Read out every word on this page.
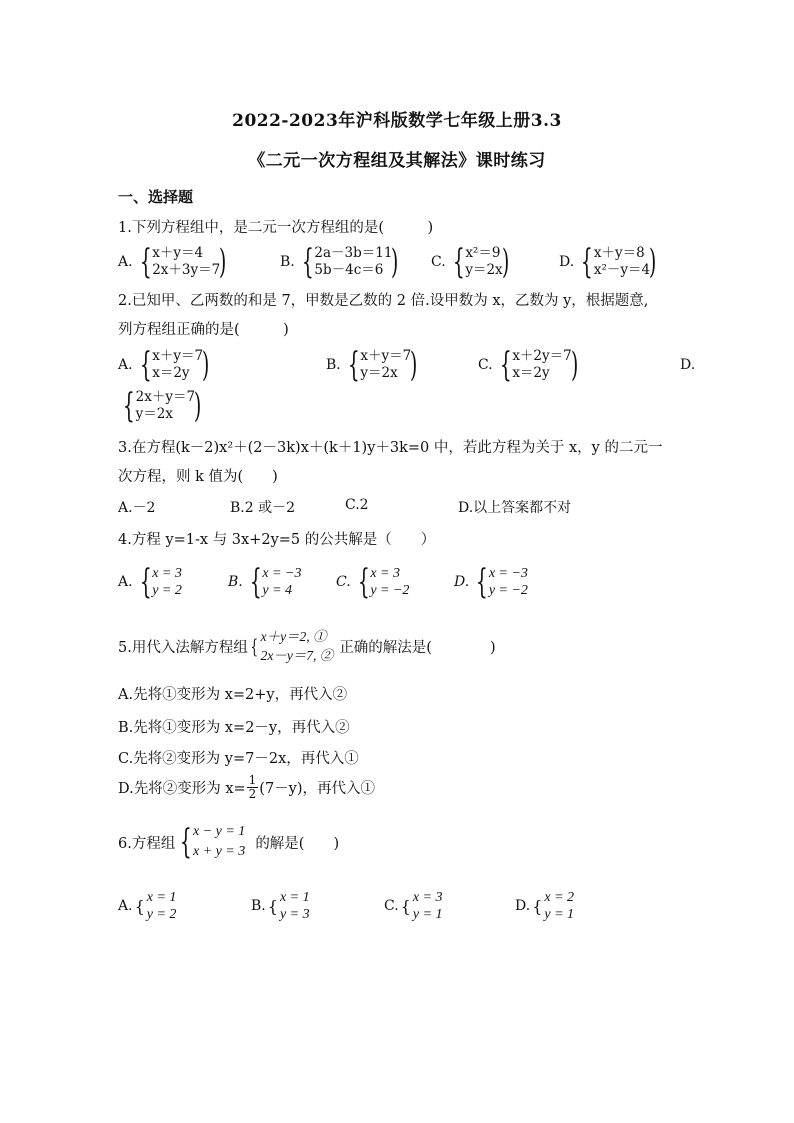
2022-2023年沪科版数学七年级上册3.3
《二元一次方程组及其解法》课时练习
一、选择题
1.下列方程组中，是二元一次方程组的是(　　　)
A. { x＋y＝4
2x＋3y＝7
)	B. { 2a－3b＝11
5b－4c＝6 ) C. { x²＝9
y＝2x
)	D. { x＋y＝8
x²－y＝4
)
2.已知甲、乙两数的和是 7，甲数是乙数的 2 倍.设甲数为 x，乙数为 y，根据题意,
列方程组正确的是(　　　)
A. { x＋y＝7
x＝2y )	B. { x＋y＝7
y＝2x )	C. { x＋2y＝7
x＝2y )	D.
{ 2x＋y＝7
y＝2x )
3.在方程(k－2)x²＋(2－3k)x＋(k＋1)y＋3k=0 中，若此方程为关于 x，y 的二元一
次方程，则 k 值为(　　)
A.－2	B.2 或－2	C.2	D.以上答案都不对
4.方程 y=1-x 与 3x+2y=5 的公共解是（　　）
A. { x = 3
y = 2
B. { x = −3
y = 4
C. { x = 3
y = −2
D. { x = −3
y = −2
5.用代入法解方程组 { x＋y＝2, ①
2x－y＝7, ② 正确的解法是(　　　　)
A.先将①变形为 x=2+y，再代入②
B.先将①变形为 x=2－y，再代入②
C.先将②变形为 y=7－2x，再代入①
D.先将②变形为 $x= \frac{1}{2} (7-y)$，再代入①
6.方程组 { x − y = 1
x + y = 3 的解是(　　)
A. { x = 1
y = 2
B. { x = 1
y = 3
C. { x = 3
y = 1
D. { x = 2
y = 1
